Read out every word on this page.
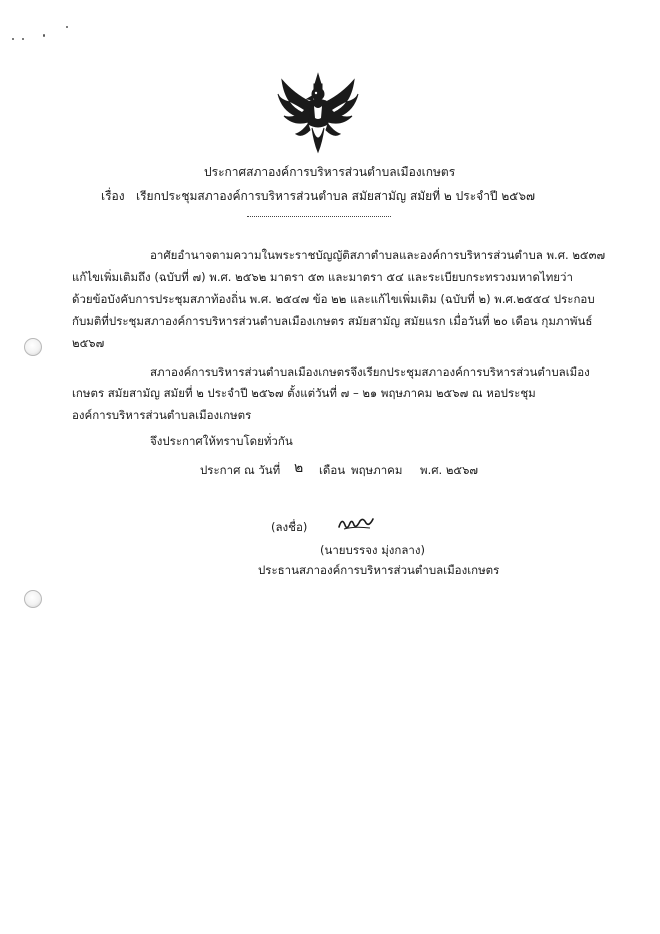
ประกาศสภาองค์การบริหารส่วนตำบลเมืองเกษตร
เรื่อง เรียกประชุมสภาองค์การบริหารส่วนตำบล สมัยสามัญ สมัยที่ ๒ ประจำปี ๒๕๖๗
อาศัยอำนาจตามความในพระราชบัญญัติสภาตำบลและองค์การบริหารส่วนตำบล พ.ศ. ๒๕๓๗
แก้ไขเพิ่มเติมถึง (ฉบับที่ ๗) พ.ศ. ๒๕๖๒ มาตรา ๕๓ และมาตรา ๕๔ และระเบียบกระทรวงมหาดไทยว่า
ด้วยข้อบังคับการประชุมสภาท้องถิ่น พ.ศ. ๒๕๔๗ ข้อ ๒๒ และแก้ไขเพิ่มเติม (ฉบับที่ ๒) พ.ศ.๒๕๕๔ ประกอบ
กับมติที่ประชุมสภาองค์การบริหารส่วนตำบลเมืองเกษตร สมัยสามัญ สมัยแรก เมื่อวันที่ ๒๐ เดือน กุมภาพันธ์
๒๕๖๗
สภาองค์การบริหารส่วนตำบลเมืองเกษตรจึงเรียกประชุมสภาองค์การบริหารส่วนตำบลเมือง
เกษตร สมัยสามัญ สมัยที่ ๒ ประจำปี ๒๕๖๗ ตั้งแต่วันที่ ๗ – ๒๑ พฤษภาคม ๒๕๖๗ ณ หอประชุม
องค์การบริหารส่วนตำบลเมืองเกษตร
จึงประกาศให้ทราบโดยทั่วกัน
ประกาศ ณ วันที่ ๒ เดือน พฤษภาคม พ.ศ. ๒๕๖๗
(ลงชื่อ)
(นายบรรจง มุ่งกลาง)
ประธานสภาองค์การบริหารส่วนตำบลเมืองเกษตร
